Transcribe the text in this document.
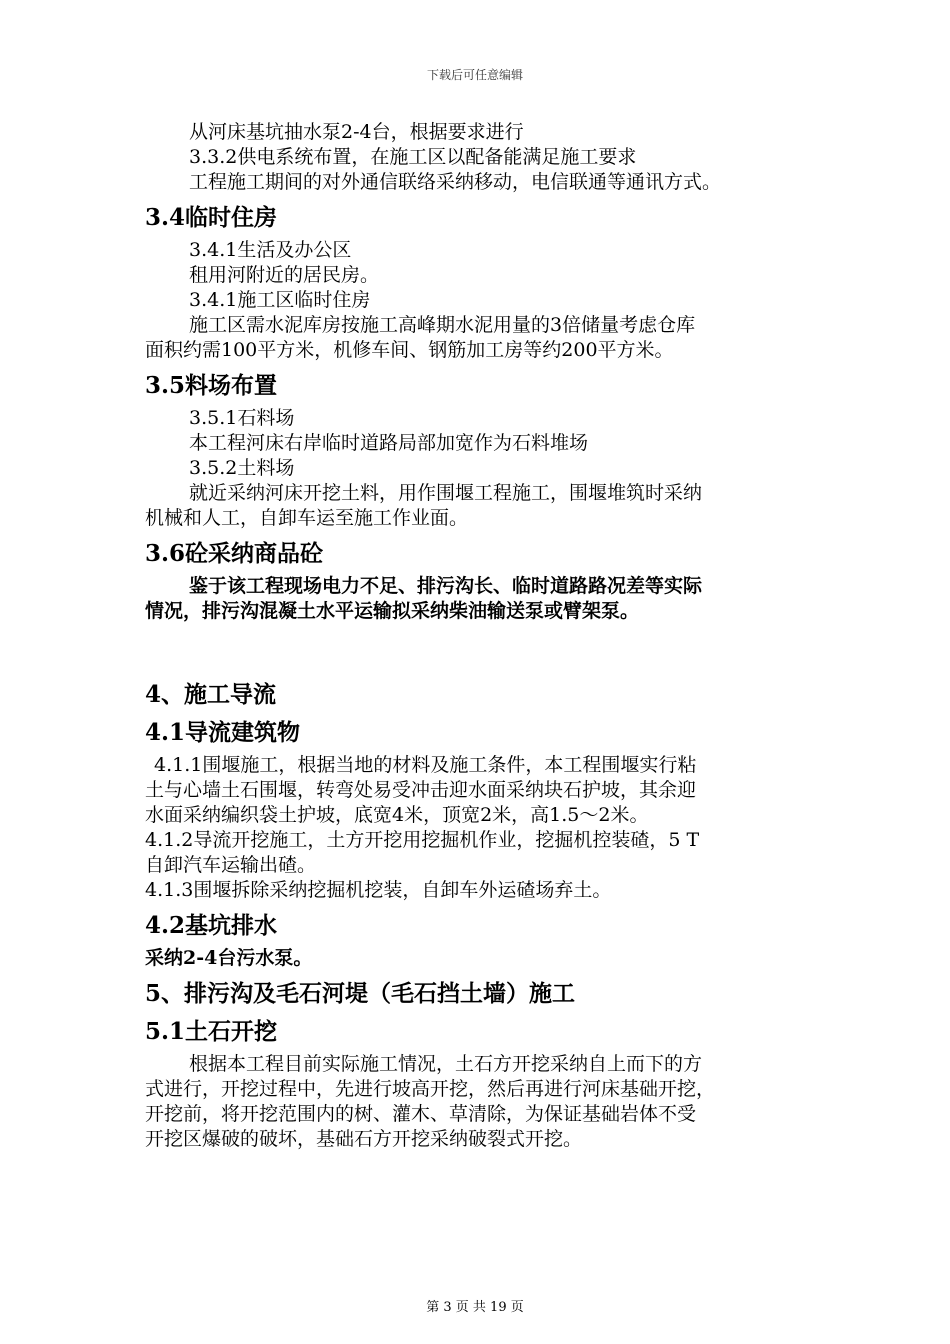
下载后可任意编辑

从河床基坑抽水泵2-4台，根据要求进行

3.3.2供电系统布置，在施工区以配备能满足施工要求

工程施工期间的对外通信联络采纳移动，电信联通等通讯方式。

3.4临时住房

3.4.1生活及办公区

租用河附近的居民房。

3.4.1施工区临时住房

施工区需水泥库房按施工高峰期水泥用量的3倍储量考虑仓库

面积约需100平方米，机修车间、钢筋加工房等约200平方米。

3.5料场布置

3.5.1石料场

本工程河床右岸临时道路局部加宽作为石料堆场

3.5.2土料场

就近采纳河床开挖土料，用作围堰工程施工，围堰堆筑时采纳

机械和人工，自卸车运至施工作业面。

3.6砼采纳商品砼

鉴于该工程现场电力不足、排污沟长、临时道路路况差等实际

情况，排污沟混凝土水平运输拟采纳柴油输送泵或臂架泵。

4、施工导流
4.1导流建筑物

4.1.1围堰施工，根据当地的材料及施工条件，本工程围堰实行粘

土与心墙土石围堰，转弯处易受冲击迎水面采纳块石护坡，其余迎

水面采纳编织袋土护坡，底宽4米，顶宽2米，高1.5～2米。

4.1.2导流开挖施工，土方开挖用挖掘机作业，挖掘机控装碴，5 T

自卸汽车运输出碴。

4.1.3围堰拆除采纳挖掘机挖装，自卸车外运碴场弃土。

4.2基坑排水

采纳2-4台污水泵。

5、排污沟及毛石河堤（毛石挡土墙）施工
5.1土石开挖

根据本工程目前实际施工情况，土石方开挖采纳自上而下的方

式进行，开挖过程中，先进行坡高开挖，然后再进行河床基础开挖，

开挖前，将开挖范围内的树、灌木、草清除，为保证基础岩体不受

开挖区爆破的破坏，基础石方开挖采纳破裂式开挖。

第 3 页 共 19 页
